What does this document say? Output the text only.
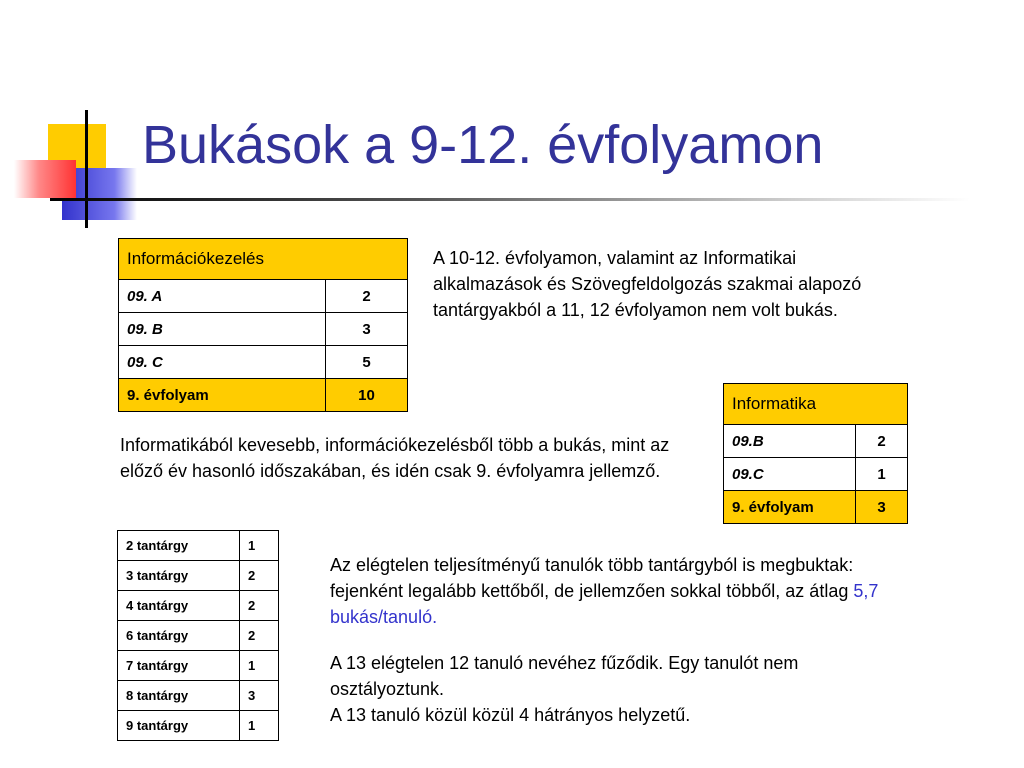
Bukások a 9-12. évfolyamon
Információkezelés	
09. A	2
09. B	3
09. C	5
9. évfolyam	10

A 10-12. évfolyamon, valamint az Informatikai alkalmazások és Szövegfeldolgozás szakmai alapozó tantárgyakból a 11, 12 évfolyamon nem volt bukás.

Informatika	
09.B	2
09.C	1
9. évfolyam	3

Informatikából kevesebb, információkezelésből több a bukás, mint az előző év hasonló időszakában, és idén csak 9. évfolyamra jellemző.

2 tantárgy	1
3 tantárgy	2
4 tantárgy	2
6 tantárgy	2
7 tantárgy	1
8 tantárgy	3
9 tantárgy	1

Az elégtelen teljesítményű tanulók több tantárgyból is megbuktak: fejenként legalább kettőből, de jellemzően sokkal többől, az átlag 5,7 bukás/tanuló.

A 13 elégtelen 12 tanuló nevéhez fűződik. Egy tanulót nem osztályoztunk.
A 13 tanuló közül közül 4 hátrányos helyzetű.
